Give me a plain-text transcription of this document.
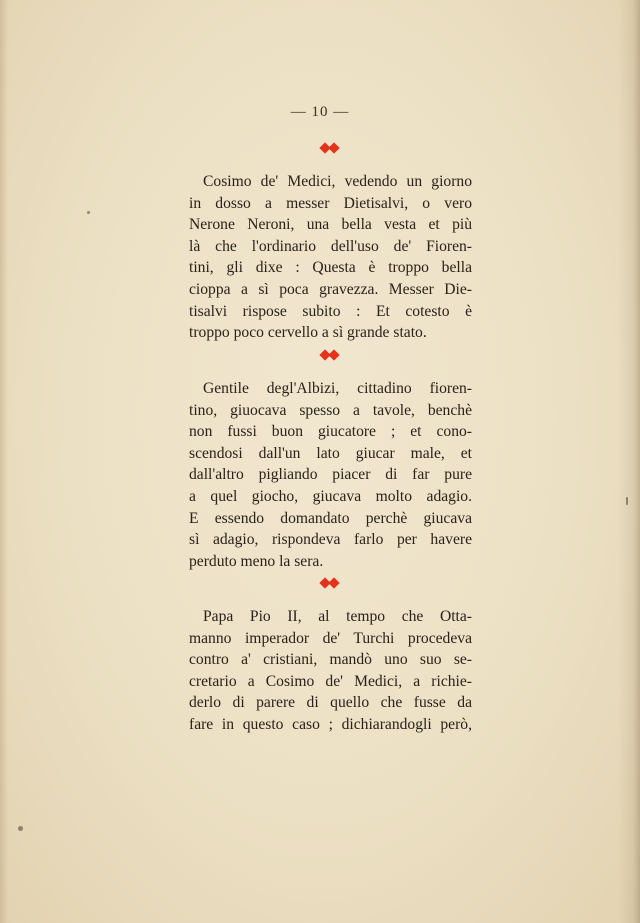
— 10 —
Cosimo de' Medici, vedendo un giorno
in dosso a messer Dietisalvi, o vero
Nerone Neroni, una bella vesta et più
là che l'ordinario dell'uso de' Fioren-
tini, gli dixe : Questa è troppo bella
cioppa a sì poca gravezza. Messer Die-
tisalvi rispose subito : Et cotesto è
troppo poco cervello a sì grande stato.
Gentile degl'Albizi, cittadino fioren-
tino, giuocava spesso a tavole, benchè
non fussi buon giucatore ; et cono-
scendosi dall'un lato giucar male, et
dall'altro pigliando piacer di far pure
a quel giocho, giucava molto adagio.
E essendo domandato perchè giucava
sì adagio, rispondeva farlo per havere
perduto meno la sera.
Papa Pio II, al tempo che Otta-
manno imperador de' Turchi procedeva
contro a' cristiani, mandò uno suo se-
cretario a Cosimo de' Medici, a richie-
derlo di parere di quello che fusse da
fare in questo caso ; dichiarandogli però,
